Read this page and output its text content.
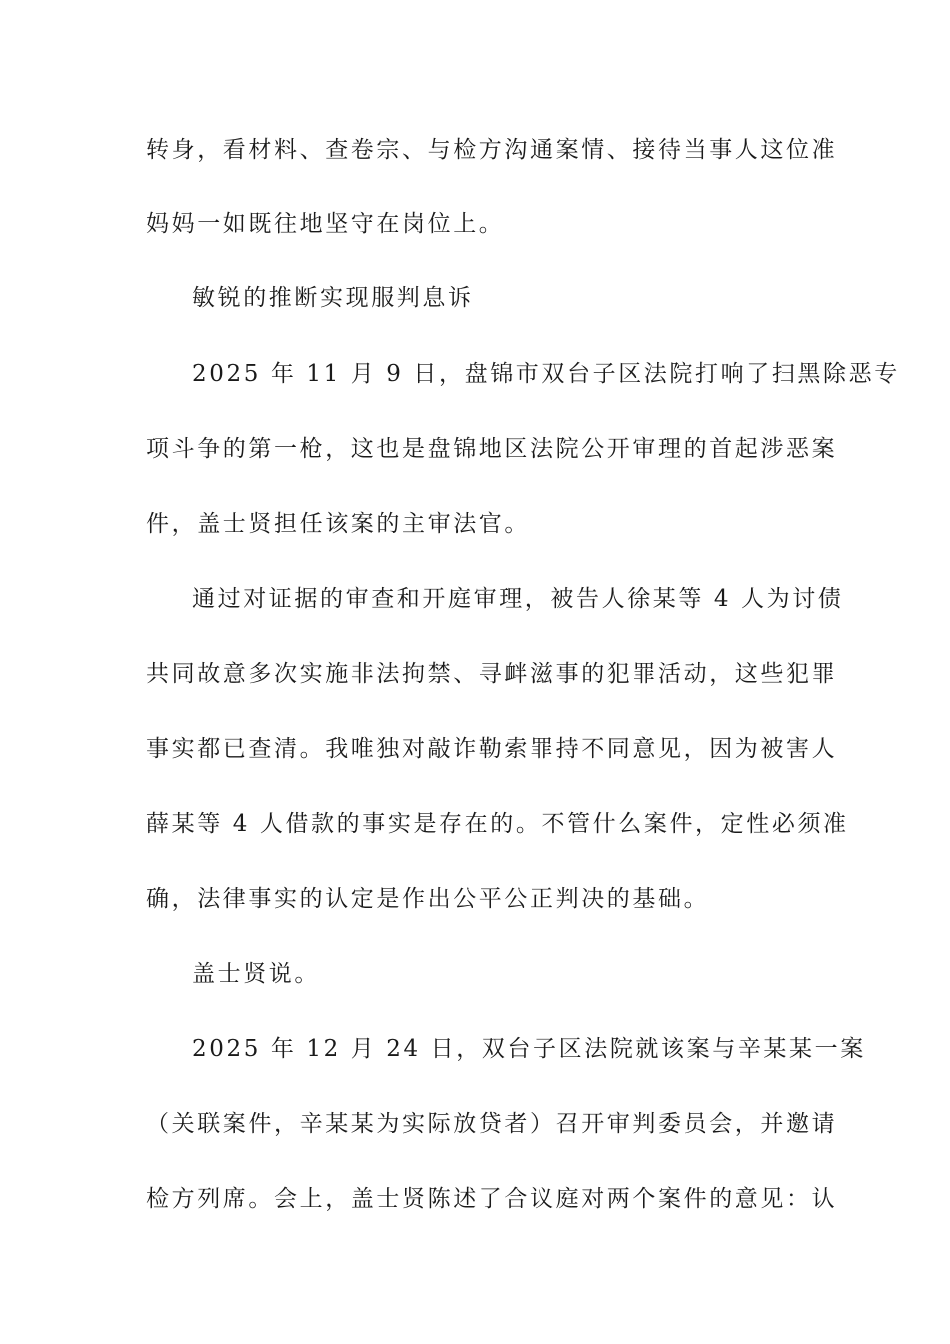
转身，看材料、查卷宗、与检方沟通案情、接待当事人这位准
妈妈一如既往地坚守在岗位上。
敏锐的推断实现服判息诉
2025 年 11 月 9 日，盘锦市双台子区法院打响了扫黑除恶专
项斗争的第一枪，这也是盘锦地区法院公开审理的首起涉恶案
件，盖士贤担任该案的主审法官。
通过对证据的审查和开庭审理，被告人徐某等 4 人为讨债
共同故意多次实施非法拘禁、寻衅滋事的犯罪活动，这些犯罪
事实都已查清。我唯独对敲诈勒索罪持不同意见，因为被害人
薛某等 4 人借款的事实是存在的。不管什么案件，定性必须准
确，法律事实的认定是作出公平公正判决的基础。
盖士贤说。
2025 年 12 月 24 日，双台子区法院就该案与辛某某一案
（关联案件，辛某某为实际放贷者）召开审判委员会，并邀请
检方列席。会上，盖士贤陈述了合议庭对两个案件的意见：认
